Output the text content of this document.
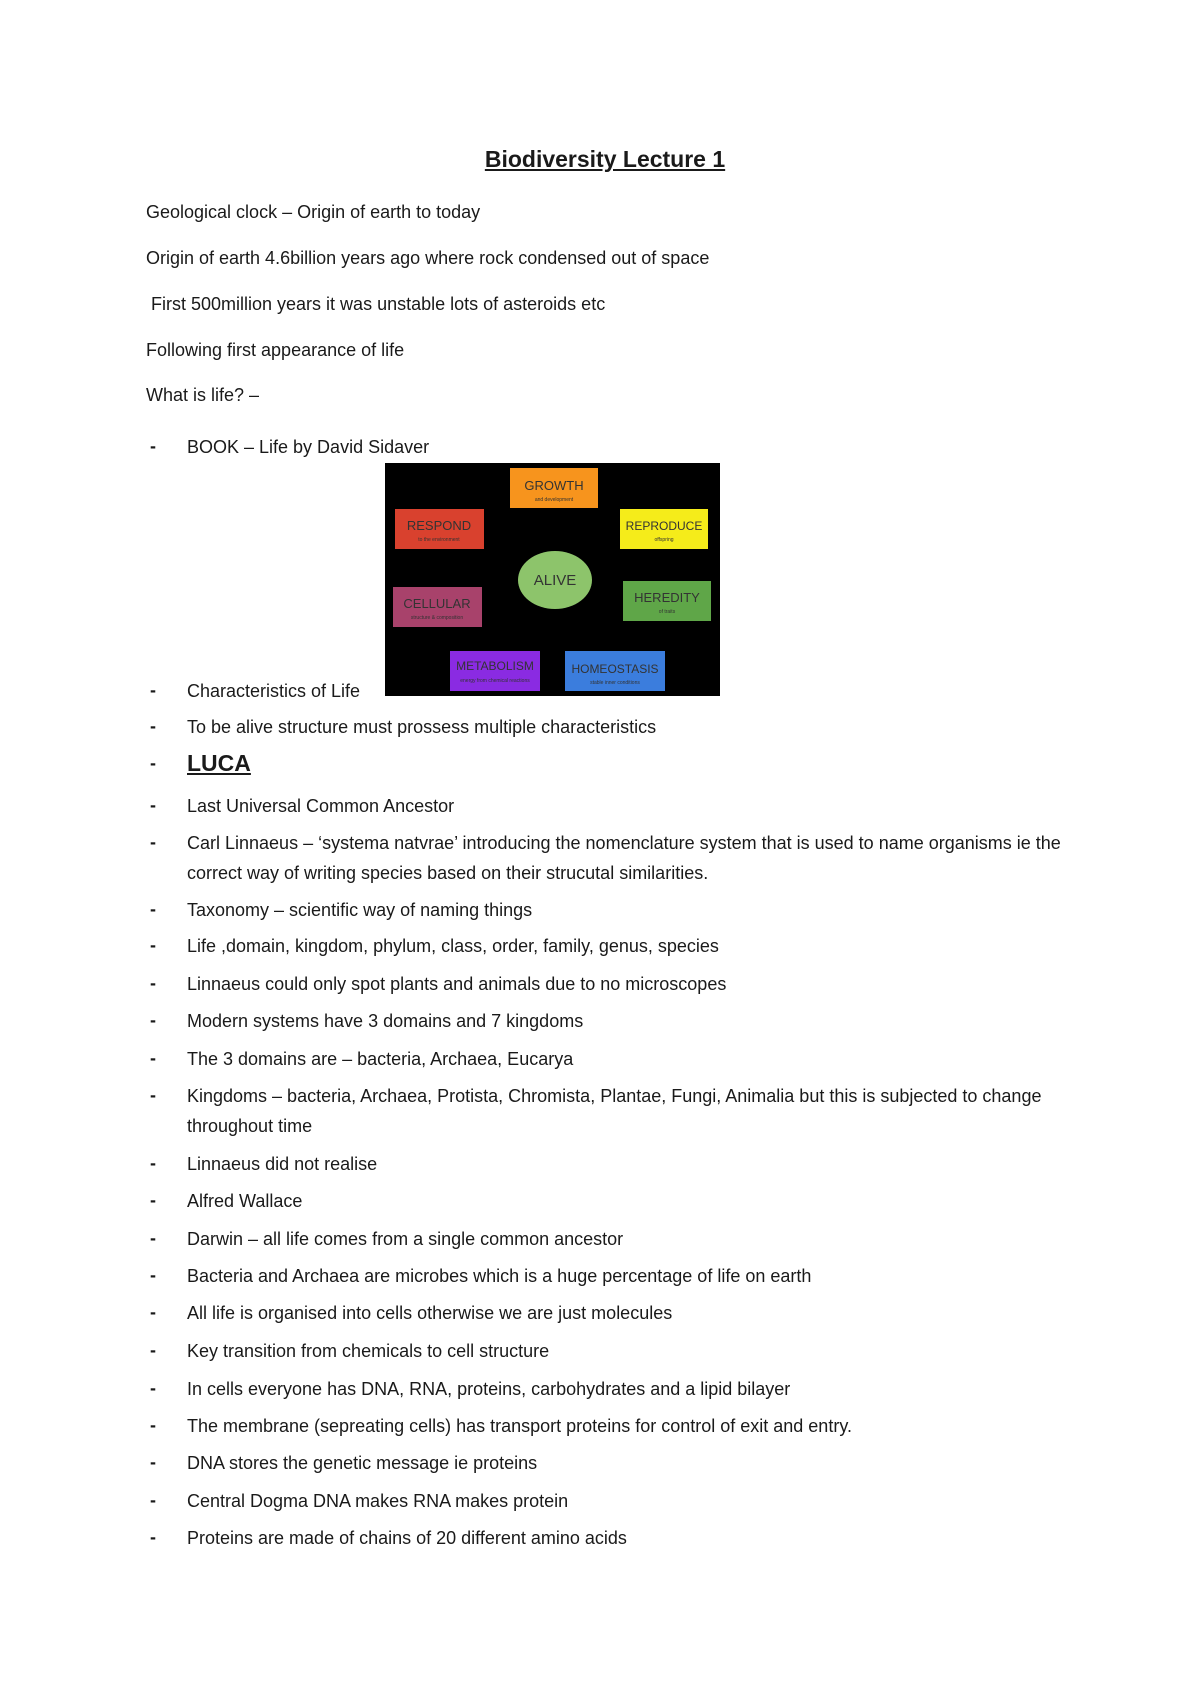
Biodiversity Lecture 1

Geological clock – Origin of earth to today

Origin of earth 4.6billion years ago where rock condensed out of space

First 500million years it was unstable lots of asteroids etc

Following first appearance of life

What is life? –

- BOOK – Life by David Sidaver

ALIVE
GROWTH
and development
RESPOND
to the environment
REPRODUCE
offspring
CELLULAR
structure & composition
HEREDITY
of traits
METABOLISM
energy from chemical reactions
HOMEOSTASIS
stable inner conditions
- Characteristics of Life

- To be alive structure must prossess multiple characteristics

- LUCA

- Last Universal Common Ancestor

- Carl Linnaeus – ‘systema natvrae’ introducing the nomenclature system that is used to name organisms ie the correct way of writing species based on their strucutal similarities.

- Taxonomy – scientific way of naming things

- Life ,domain, kingdom, phylum, class, order, family, genus, species

- Linnaeus could only spot plants and animals due to no microscopes

- Modern systems have 3 domains and 7 kingdoms

- The 3 domains are – bacteria, Archaea, Eucarya

- Kingdoms – bacteria, Archaea, Protista, Chromista, Plantae, Fungi, Animalia but this is subjected to change throughout time

- Linnaeus did not realise

- Alfred Wallace

- Darwin – all life comes from a single common ancestor

- Bacteria and Archaea are microbes which is a huge percentage of life on earth

- All life is organised into cells otherwise we are just molecules

- Key transition from chemicals to cell structure

- In cells everyone has DNA, RNA, proteins, carbohydrates and a lipid bilayer

- The membrane (sepreating cells) has transport proteins for control of exit and entry.

- DNA stores the genetic message ie proteins

- Central Dogma DNA makes RNA makes protein

- Proteins are made of chains of 20 different amino acids
